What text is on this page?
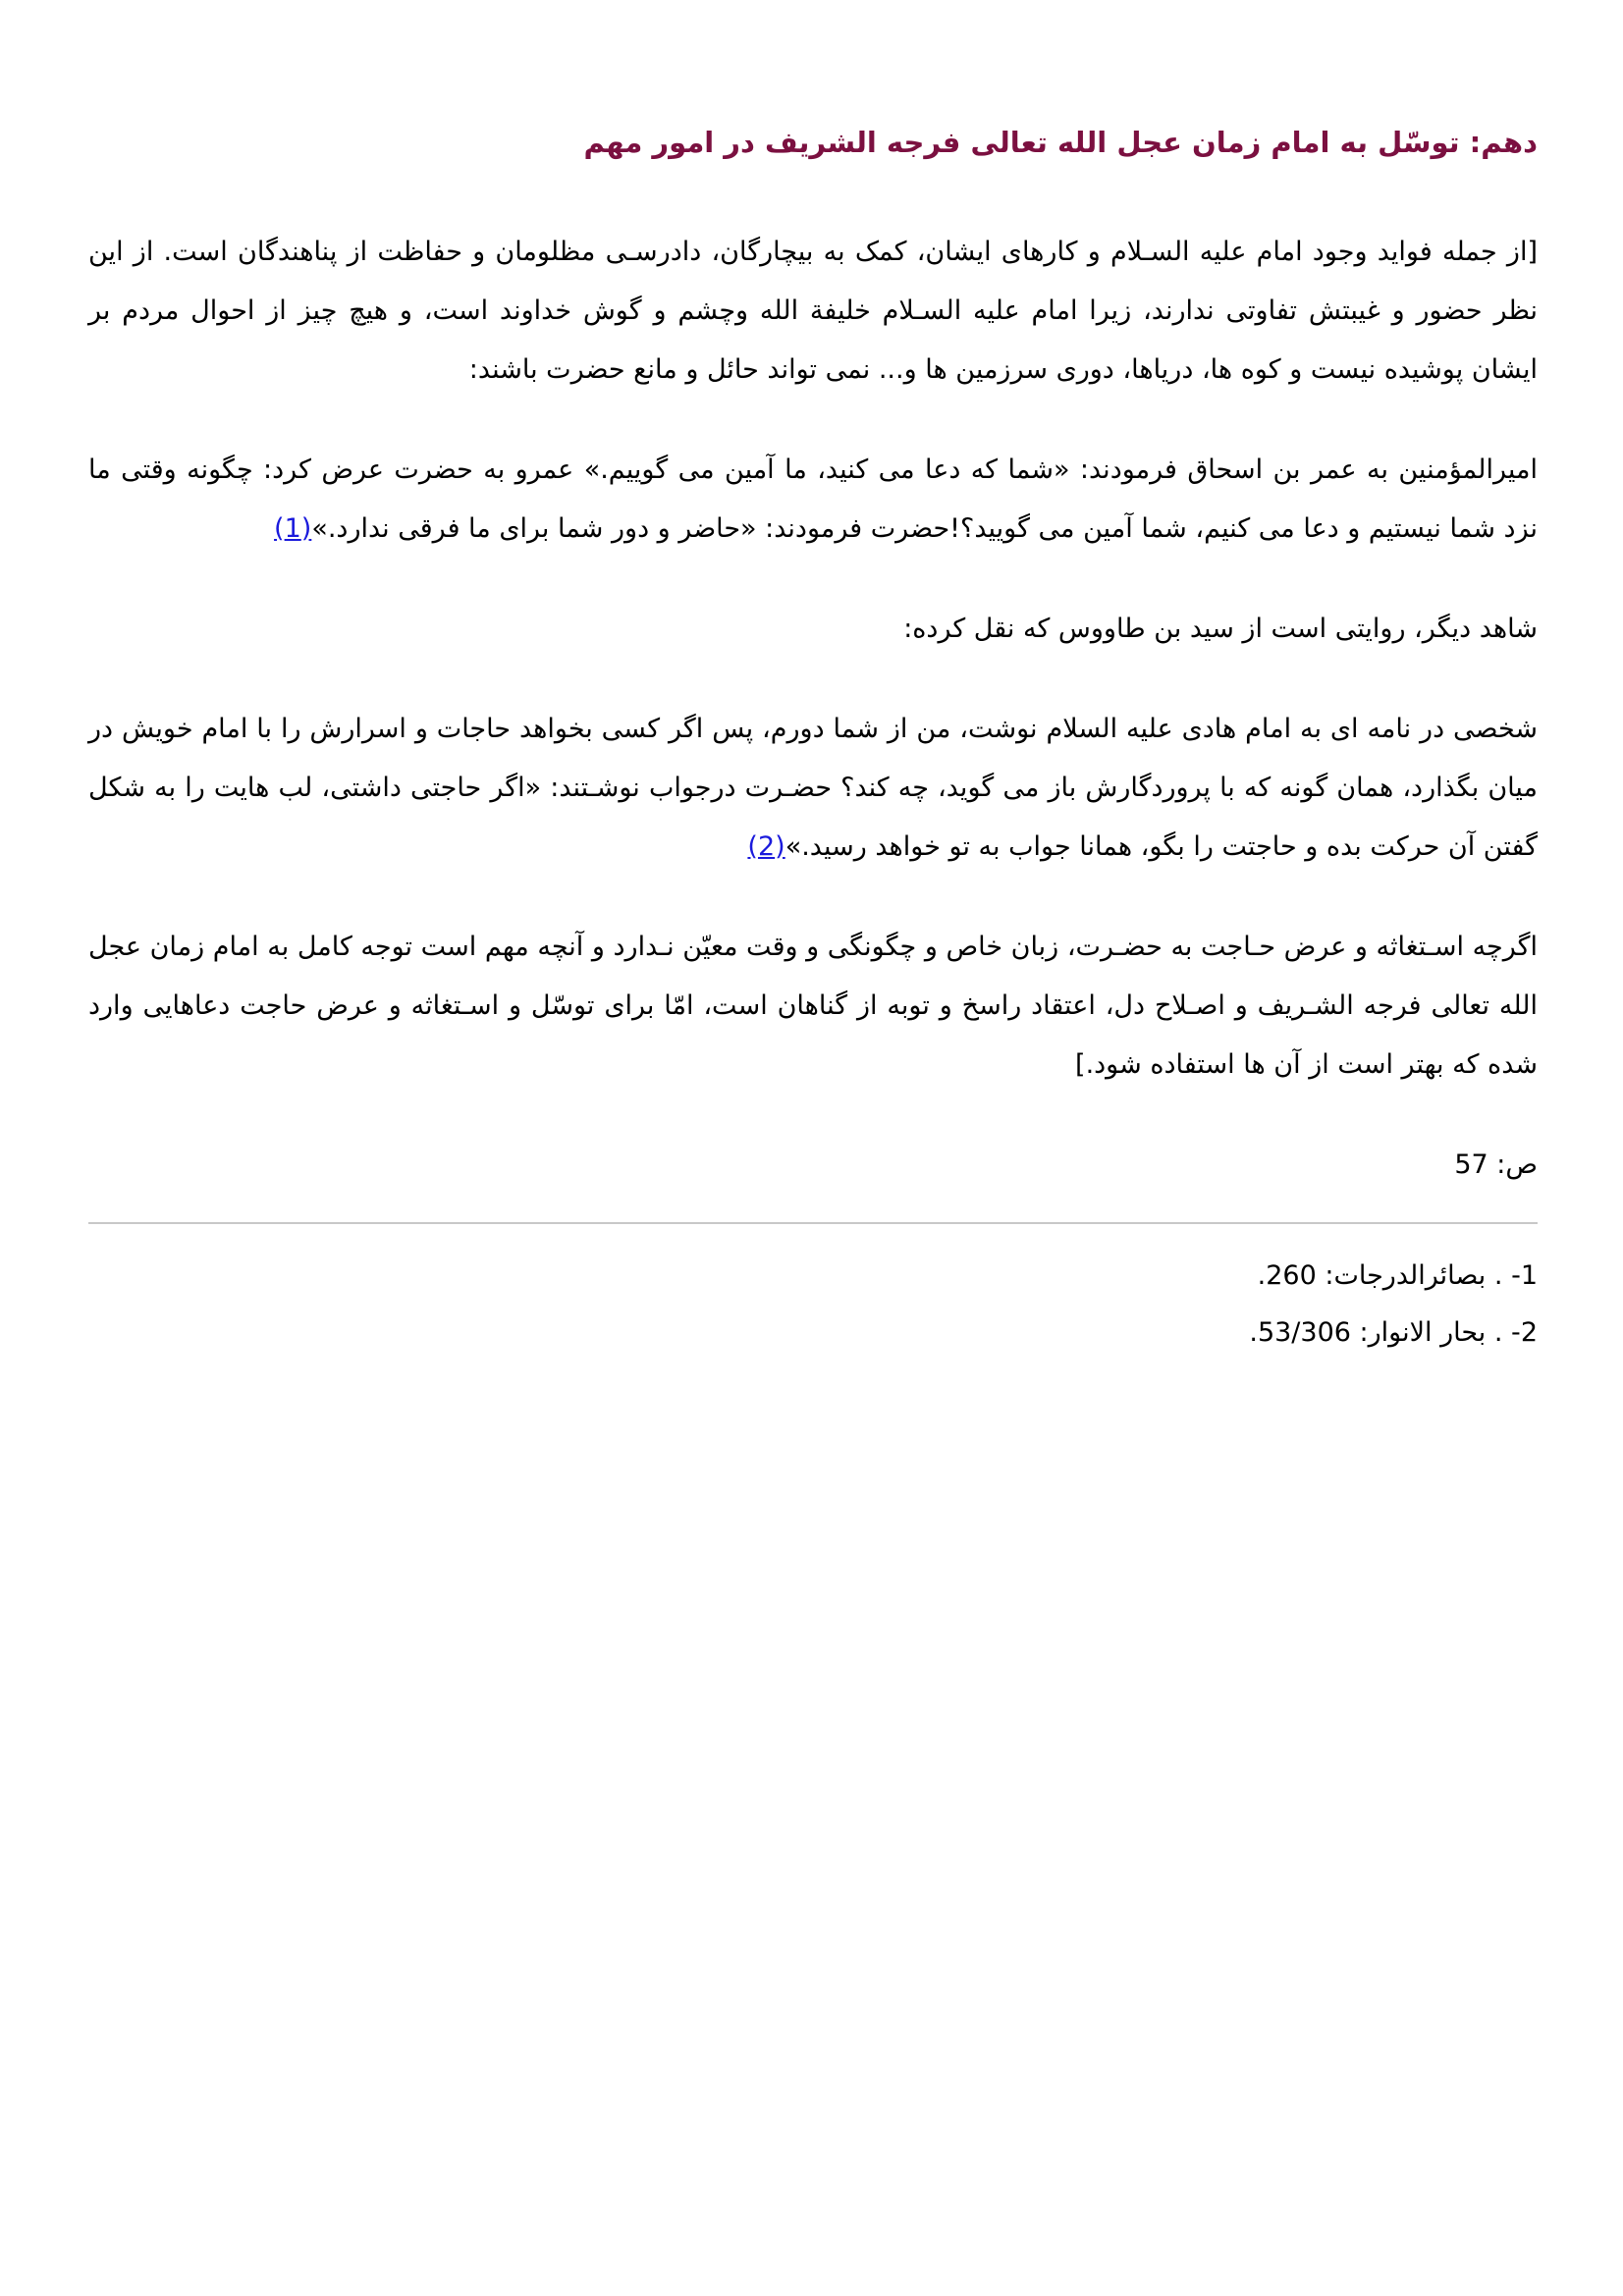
دهم: توسّل به امام زمان عجل الله تعالی فرجه الشریف در امور مهم

[از جمله فواید وجود امام علیه السـلام و کارهای ایشان، کمک به بیچارگان، دادرسـی مظلومان و حفاظت از پناهندگان است. از این نظر حضور و غیبتش تفاوتی ندارند، زیرا امام علیه السـلام خلیفة الله وچشم و گوش خداوند است، و هیچ چیز از احوال مردم بر ایشان پوشیده نیست و کوه ها، دریاها، دوری سرزمین ها و... نمی تواند حائل و مانع حضرت باشند:

امیرالمؤمنین به عمر بن اسحاق فرمودند: «شما که دعا می کنید، ما آمین می گوییم.» عمرو به حضرت عرض کرد: چگونه وقتی ما نزد شما نیستیم و دعا می کنیم، شما آمین می گویید؟!حضرت فرمودند: «حاضر و دور شما برای ما فرقی ندارد.»(1)

شاهد دیگر، روایتی است از سید بن طاووس که نقل کرده:

شخصی در نامه ای به امام هادی علیه السلام نوشت، من از شما دورم، پس اگر کسی بخواهد حاجات و اسرارش را با امام خویش در میان بگذارد، همان گونه که با پروردگارش باز می گوید، چه کند؟ حضـرت درجواب نوشـتند: «اگر حاجتی داشتی، لب هایت را به شکل گفتن آن حرکت بده و حاجتت را بگو، همانا جواب به تو خواهد رسید.»(2)

اگرچه اسـتغاثه و عرض حـاجت به حضـرت، زبان خاص و چگونگی و وقت معیّن نـدارد و آنچه مهم است توجه کامل به امام زمان عجل الله تعالی فرجه الشـریف و اصـلاح دل، اعتقاد راسخ و توبه از گناهان است، امّا برای توسّل و اسـتغاثه و عرض حاجت دعاهایی وارد شده که بهتر است از آن ها استفاده شود.]

ص: 57

1- . بصائرالدرجات: 260.

2- . بحار الانوار: 53/306.
